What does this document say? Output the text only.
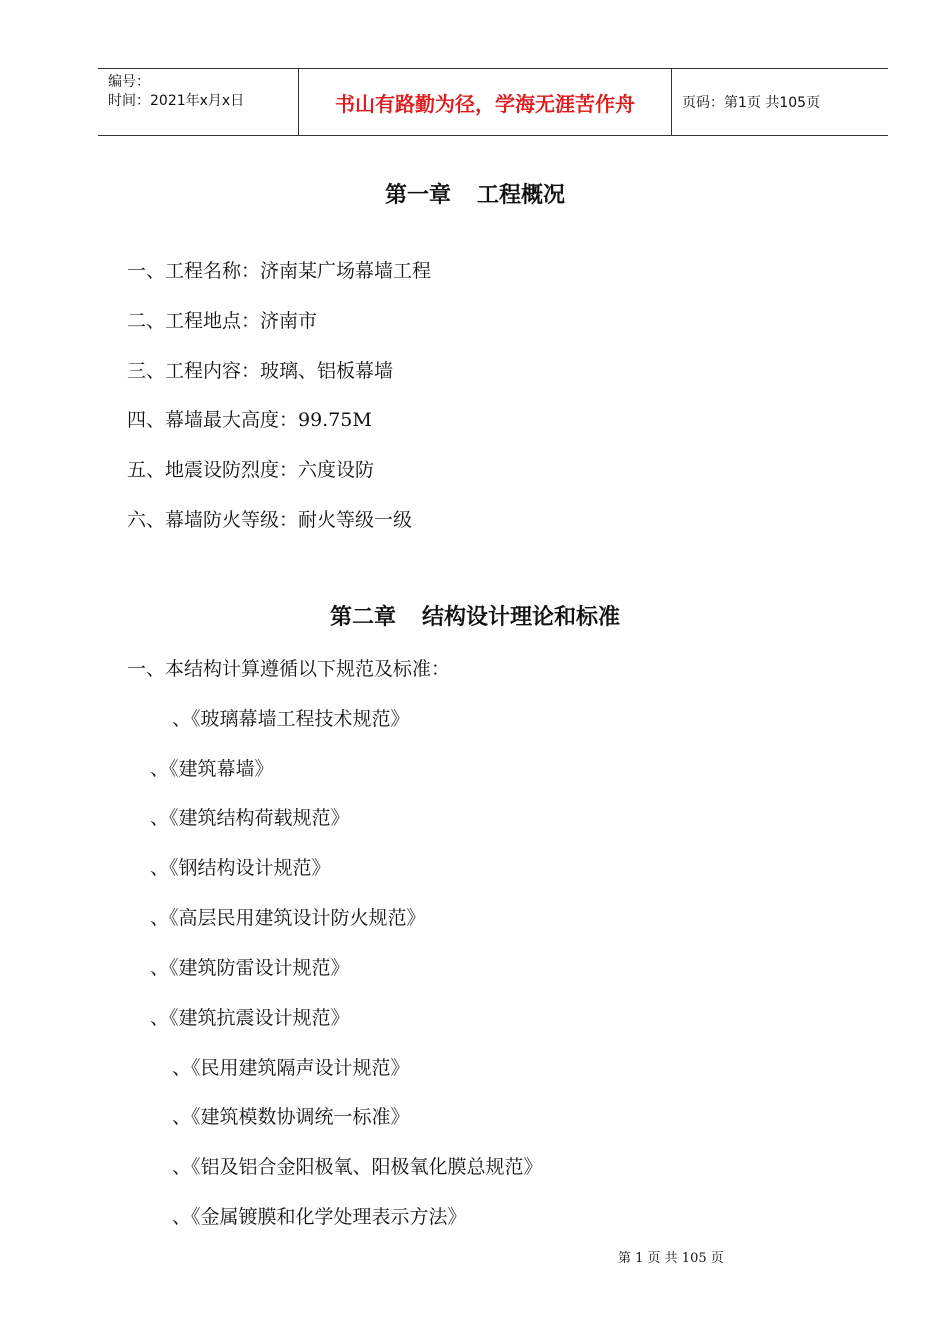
编号：
时间：2021年x月x日	书山有路勤为径，学海无涯苦作舟	页码：第1页 共105页
第一章 工程概况
一、工程名称：济南某广场幕墙工程
二、工程地点：济南市
三、工程内容：玻璃、铝板幕墙
四、幕墙最大高度：99.75M
五、地震设防烈度：六度设防
六、幕墙防火等级：耐火等级一级
第二章 结构设计理论和标准
一、本结构计算遵循以下规范及标准：
、《玻璃幕墙工程技术规范》
、《建筑幕墙》
、《建筑结构荷载规范》
、《钢结构设计规范》
、《高层民用建筑设计防火规范》
、《建筑防雷设计规范》
、《建筑抗震设计规范》
、《民用建筑隔声设计规范》
、《建筑模数协调统一标准》
、《铝及铝合金阳极氧、阳极氧化膜总规范》
、《金属镀膜和化学处理表示方法》
第 1 页 共 105 页
